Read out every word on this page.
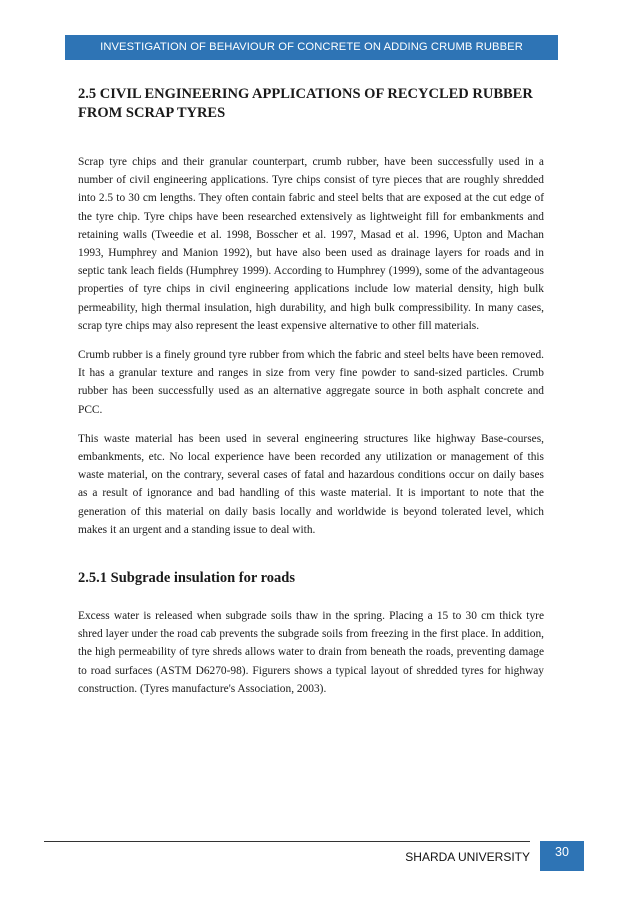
INVESTIGATION OF BEHAVIOUR OF CONCRETE ON ADDING CRUMB RUBBER
2.5 CIVIL ENGINEERING APPLICATIONS OF RECYCLED RUBBER FROM SCRAP TYRES

Scrap tyre chips and their granular counterpart, crumb rubber, have been successfully used in a number of civil engineering applications. Tyre chips consist of tyre pieces that are roughly shredded into 2.5 to 30 cm lengths. They often contain fabric and steel belts that are exposed at the cut edge of the tyre chip. Tyre chips have been researched extensively as lightweight fill for embankments and retaining walls (Tweedie et al. 1998, Bosscher et al. 1997, Masad et al. 1996, Upton and Machan 1993, Humphrey and Manion 1992), but have also been used as drainage layers for roads and in septic tank leach fields (Humphrey 1999). According to Humphrey (1999), some of the advantageous properties of tyre chips in civil engineering applications include low material density, high bulk permeability, high thermal insulation, high durability, and high bulk compressibility. In many cases, scrap tyre chips may also represent the least expensive alternative to other fill materials.

Crumb rubber is a finely ground tyre rubber from which the fabric and steel belts have been removed. It has a granular texture and ranges in size from very fine powder to sand-sized particles. Crumb rubber has been successfully used as an alternative aggregate source in both asphalt concrete and PCC.

This waste material has been used in several engineering structures like highway Base-courses, embankments, etc. No local experience have been recorded any utilization or management of this waste material, on the contrary, several cases of fatal and hazardous conditions occur on daily bases as a result of ignorance and bad handling of this waste material. It is important to note that the generation of this material on daily basis locally and worldwide is beyond tolerated level, which makes it an urgent and a standing issue to deal with.

2.5.1 Subgrade insulation for roads

Excess water is released when subgrade soils thaw in the spring. Placing a 15 to 30 cm thick tyre shred layer under the road cab prevents the subgrade soils from freezing in the first place. In addition, the high permeability of tyre shreds allows water to drain from beneath the roads, preventing damage to road surfaces (ASTM D6270-98). Figurers shows a typical layout of shredded tyres for highway construction. (Tyres manufacture's Association, 2003).

SHARDA UNIVERSITY	30
